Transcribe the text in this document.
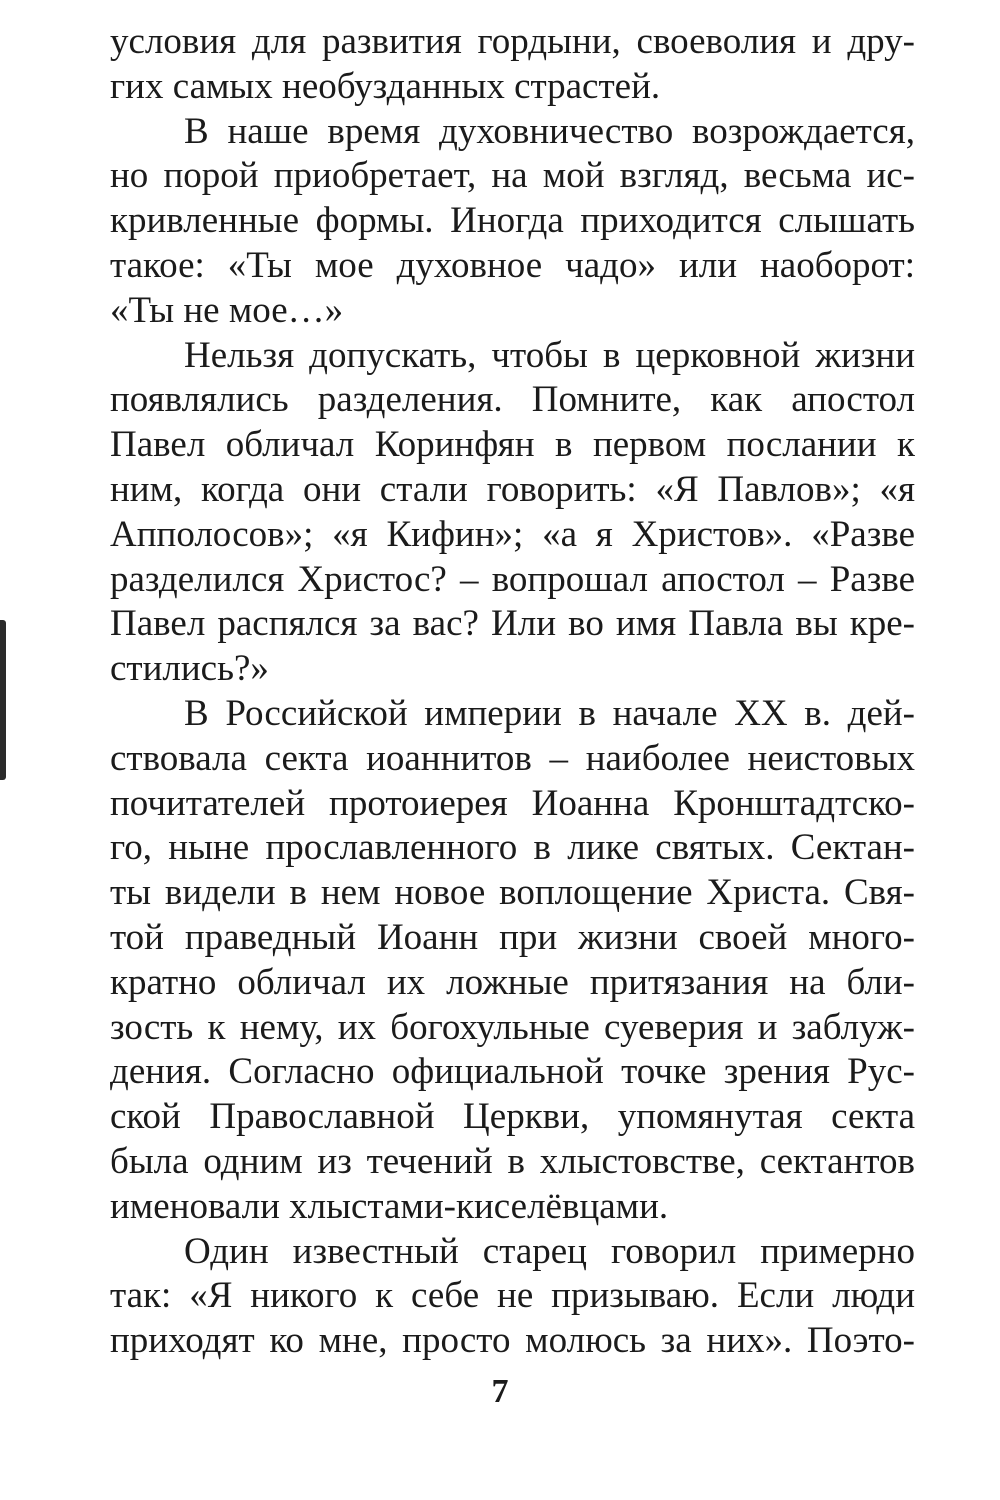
условия для развития гордыни, своеволия и дру-
гих самых необузданных страстей.
В наше время духовничество возрождается,
но порой приобретает, на мой взгляд, весьма ис-
кривленные формы. Иногда приходится слышать
такое: «Ты мое духовное чадо» или наоборот:
«Ты не мое…»
Нельзя допускать, чтобы в церковной жизни
появлялись разделения. Помните, как апостол
Павел обличал Коринфян в первом послании к
ним, когда они стали говорить: «Я Павлов»; «я
Апполосов»; «я Кифин»; «а я Христов». «Разве
разделился Христос? – вопрошал апостол – Разве
Павел распялся за вас? Или во имя Павла вы кре-
стились?»
В Российской империи в начале XX в. дей-
ствовала секта иоаннитов – наиболее неистовых
почитателей протоиерея Иоанна Кронштадтско-
го, ныне прославленного в лике святых. Сектан-
ты видели в нем новое воплощение Христа. Свя-
той праведный Иоанн при жизни своей много-
кратно обличал их ложные притязания на бли-
зость к нему, их богохульные суеверия и заблуж-
дения. Согласно официальной точке зрения Рус-
ской Православной Церкви, упомянутая секта
была одним из течений в хлыстовстве, сектантов
именовали хлыстами-киселёвцами.
Один известный старец говорил примерно
так: «Я никого к себе не призываю. Если люди
приходят ко мне, просто молюсь за них». Поэто-
7
